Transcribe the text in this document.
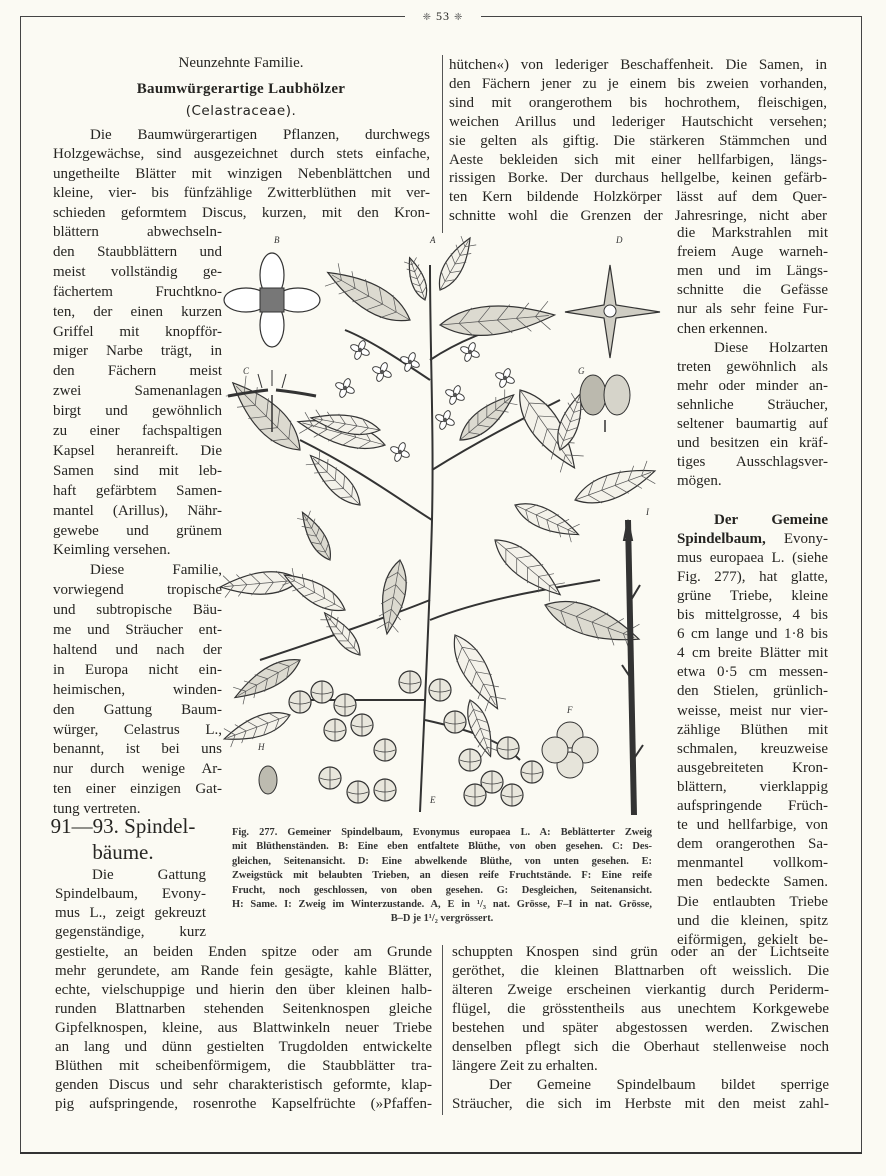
❈ 53 ❈
Neunzehnte Familie.
Baumwürgerartige Laubhölzer
(Celastraceae).
91—93. Spindel-
bäume.
Die Baumwürgerartigen Pflanzen, durchwegs
Holzgewächse, sind ausgezeichnet durch stets einfache,
ungetheilte Blätter mit winzigen Nebenblättchen und
kleine, vier- bis fünfzählige Zwitterblüthen mit ver-
schieden geformtem Discus, kurzen, mit den Kron-
blättern abwechseln-
den Staubblättern und
meist vollständig ge-
fächertem Fruchtkno-
ten, der einen kurzen
Griffel mit knopfför-
miger Narbe trägt, in
den Fächern meist
zwei Samenanlagen
birgt und gewöhnlich
zu einer fachspaltigen
Kapsel heranreift. Die
Samen sind mit leb-
haft gefärbtem Samen-
mantel (Arillus), Nähr-
gewebe und grünem
Keimling versehen.
Diese Familie,
vorwiegend tropische
und subtropische Bäu-
me und Sträucher ent-
haltend und nach der
in Europa nicht ein-
heimischen, winden-
den Gattung Baum-
würger, Celastrus L.,
benannt, ist bei uns
nur durch wenige Ar-
ten einer einzigen Gat-
tung vertreten.
Die Gattung
Spindelbaum, Evony-
mus L., zeigt gekreuzt
gegenständige, kurz
gestielte, an beiden Enden spitze oder am Grunde
mehr gerundete, am Rande fein gesägte, kahle Blätter,
echte, vielschuppige und hierin den über kleinen halb-
runden Blattnarben stehenden Seitenknospen gleiche
Gipfelknospen, kleine, aus Blattwinkeln neuer Triebe
an lang und dünn gestielten Trugdolden entwickelte
Blüthen mit scheibenförmigem, die Staubblätter tra-
genden Discus und sehr charakteristisch geformte, klap-
pig aufspringende, rosenrothe Kapselfrüchte (»Pfaffen-
hütchen«) von lederiger Beschaffenheit. Die Samen, in
den Fächern jener zu je einem bis zweien vorhanden,
sind mit orangerothem bis hochrothem, fleischigen,
weichen Arillus und lederiger Hautschicht versehen;
sie gelten als giftig. Die stärkeren Stämmchen und
Aeste bekleiden sich mit einer hellfarbigen, längs-
rissigen Borke. Der durchaus hellgelbe, keinen gefärb-
ten Kern bildende Holzkörper lässt auf dem Quer-
schnitte wohl die Grenzen der Jahresringe, nicht aber
die Markstrahlen mit
freiem Auge warneh-
men und im Längs-
schnitte die Gefässe
nur als sehr feine Fur-
chen erkennen.
Diese Holzarten
treten gewöhnlich als
mehr oder minder an-
sehnliche Sträucher,
seltener baumartig auf
und besitzen ein kräf-
tiges Ausschlagsver-
mögen.
Der Gemeine
Spindelbaum, Evony-
mus europaea L. (siehe
Fig. 277), hat glatte,
grüne Triebe, kleine
bis mittelgrosse, 4 bis
6 cm lange und 1·8 bis
4 cm breite Blätter mit
etwa 0·5 cm messen-
den Stielen, grünlich-
weisse, meist nur vier-
zählige Blüthen mit
schmalen, kreuzweise
ausgebreiteten Kron-
blättern, vierklappig
aufspringende Früch-
te und hellfarbige, von
dem orangerothen Sa-
menmantel vollkom-
men bedeckte Samen.
Die entlaubten Triebe
und die kleinen, spitz
eiförmigen, gekielt be-
schuppten Knospen sind grün oder an der Lichtseite
geröthet, die kleinen Blattnarben oft weisslich. Die
älteren Zweige erscheinen vierkantig durch Periderm-
flügel, die grösstentheils aus unechtem Korkgewebe
bestehen und später abgestossen werden. Zwischen
denselben pflegt sich die Oberhaut stellenweise noch
längere Zeit zu erhalten.
Der Gemeine Spindelbaum bildet sperrige
Sträucher, die sich im Herbste mit den meist zahl-
Fig. 277. Gemeiner Spindelbaum, Evonymus europaea L. A: Beblätterter Zweig
mit Blüthenständen. B: Eine eben entfaltete Blüthe, von oben gesehen. C: Des-
gleichen, Seitenansicht. D: Eine abwelkende Blüthe, von unten gesehen. E:
Zweigstück mit belaubten Trieben, an diesen reife Fruchtstände. F: Eine reife
Frucht, noch geschlossen, von oben gesehen. G: Desgleichen, Seitenansicht.
H: Same. I: Zweig im Winterzustande. A, E in ¹/₃ nat. Grösse, F–I in nat. Grösse,
B–D je 1¹/₂ vergrössert.
A
B
C
D
E
F
G
H
I
